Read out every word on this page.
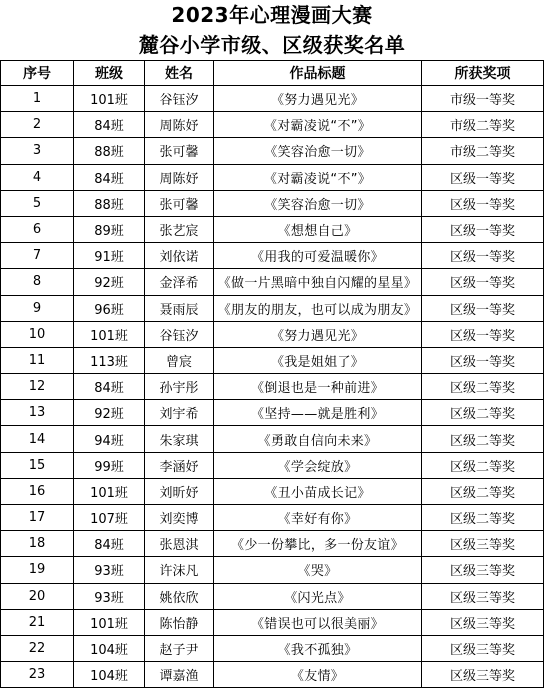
2023年心理漫画大赛
麓谷小学市级、区级获奖名单
序号	班级	姓名	作品标题	所获奖项
1	101班	谷钰汐	《努力遇见光》	市级一等奖
2	84班	周陈妤	《对霸凌说“不”》	市级二等奖
3	88班	张可馨	《笑容治愈一切》	市级二等奖
4	84班	周陈妤	《对霸凌说“不”》	区级一等奖
5	88班	张可馨	《笑容治愈一切》	区级一等奖
6	89班	张艺宸	《想想自己》	区级一等奖
7	91班	刘依诺	《用我的可爱温暖你》	区级一等奖
8	92班	金泽希	《做一片黑暗中独自闪耀的星星》	区级一等奖
9	96班	聂雨辰	《朋友的朋友，也可以成为朋友》	区级一等奖
10	101班	谷钰汐	《努力遇见光》	区级一等奖
11	113班	曾宸	《我是姐姐了》	区级一等奖
12	84班	孙宇彤	《倒退也是一种前进》	区级二等奖
13	92班	刘宇希	《坚持——就是胜利》	区级二等奖
14	94班	朱家琪	《勇敢自信向未来》	区级二等奖
15	99班	李涵妤	《学会绽放》	区级二等奖
16	101班	刘昕妤	《丑小苗成长记》	区级二等奖
17	107班	刘奕博	《幸好有你》	区级二等奖
18	84班	张恩淇	《少一份攀比，多一份友谊》	区级三等奖
19	93班	许沫凡	《哭》	区级三等奖
20	93班	姚依欣	《闪光点》	区级三等奖
21	101班	陈怡静	《错误也可以很美丽》	区级三等奖
22	104班	赵子尹	《我不孤独》	区级三等奖
23	104班	谭嘉渔	《友情》	区级三等奖
